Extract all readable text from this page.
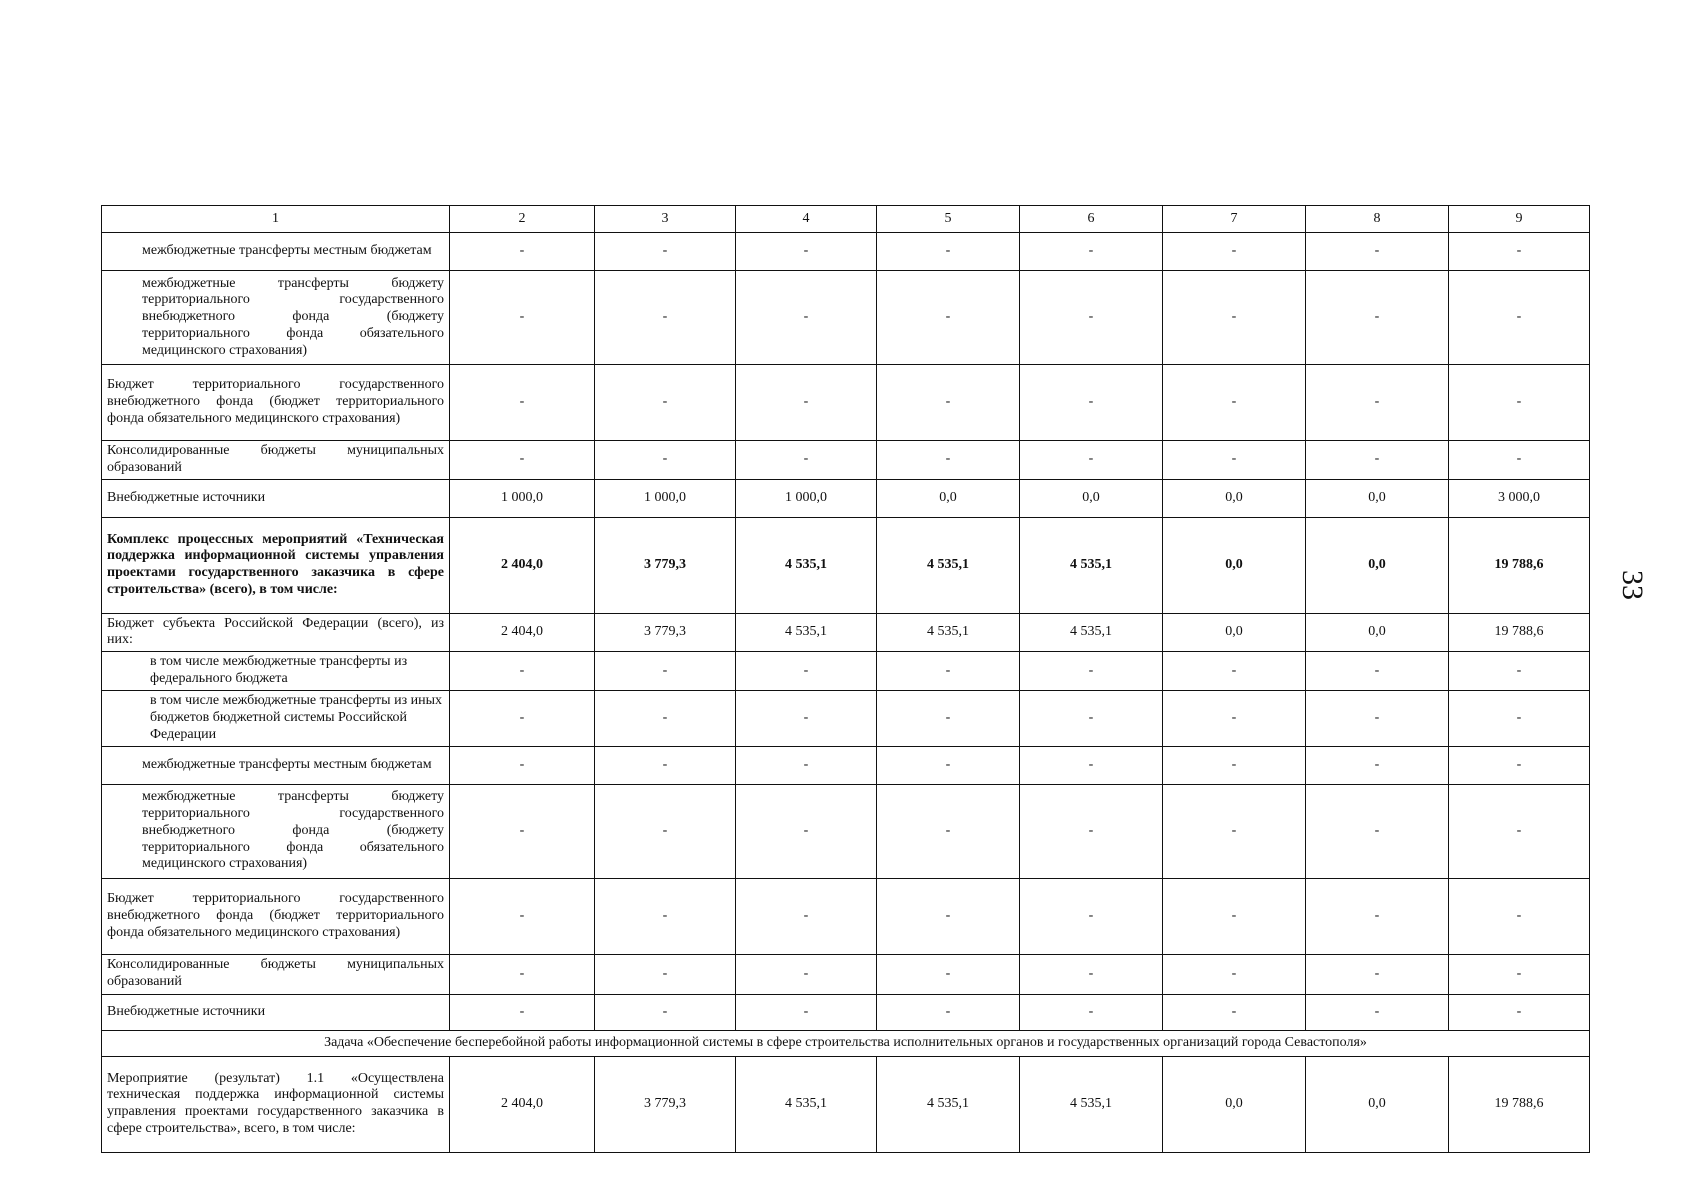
33
1	2	3	4	5	6	7	8	9
межбюджетные трансферты местным бюджетам	-	-	-	-	-	-	-	-
межбюджетные трансферты бюджету территориального государственного внебюджетного фонда (бюджету территориального фонда обязательного медицинского страхования)	-	-	-	-	-	-	-	-
Бюджет территориального государственного внебюджетного фонда (бюджет территориального фонда обязательного медицинского страхования)	-	-	-	-	-	-	-	-
Консолидированные бюджеты муниципальных образований	-	-	-	-	-	-	-	-
Внебюджетные источники	1 000,0	1 000,0	1 000,0	0,0	0,0	0,0	0,0	3 000,0
Комплекс процессных мероприятий «Техническая поддержка информационной системы управления проектами государственного заказчика в сфере строительства» (всего), в том числе:	2 404,0	3 779,3	4 535,1	4 535,1	4 535,1	0,0	0,0	19 788,6
Бюджет субъекта Российской Федерации (всего), из них:	2 404,0	3 779,3	4 535,1	4 535,1	4 535,1	0,0	0,0	19 788,6
в том числе межбюджетные трансферты из федерального бюджета	-	-	-	-	-	-	-	-
в том числе межбюджетные трансферты из иных бюджетов бюджетной системы Российской Федерации	-	-	-	-	-	-	-	-
межбюджетные трансферты местным бюджетам	-	-	-	-	-	-	-	-
межбюджетные трансферты бюджету территориального государственного внебюджетного фонда (бюджету территориального фонда обязательного медицинского страхования)	-	-	-	-	-	-	-	-
Бюджет территориального государственного внебюджетного фонда (бюджет территориального фонда обязательного медицинского страхования)	-	-	-	-	-	-	-	-
Консолидированные бюджеты муниципальных образований	-	-	-	-	-	-	-	-
Внебюджетные источники	-	-	-	-	-	-	-	-
Задача «Обеспечение бесперебойной работы информационной системы в сфере строительства исполнительных органов и государственных организаций города Севастополя»								
Мероприятие (результат) 1.1 «Осуществлена техническая поддержка информационной системы управления проектами государственного заказчика в сфере строительства», всего, в том числе:	2 404,0	3 779,3	4 535,1	4 535,1	4 535,1	0,0	0,0	19 788,6
